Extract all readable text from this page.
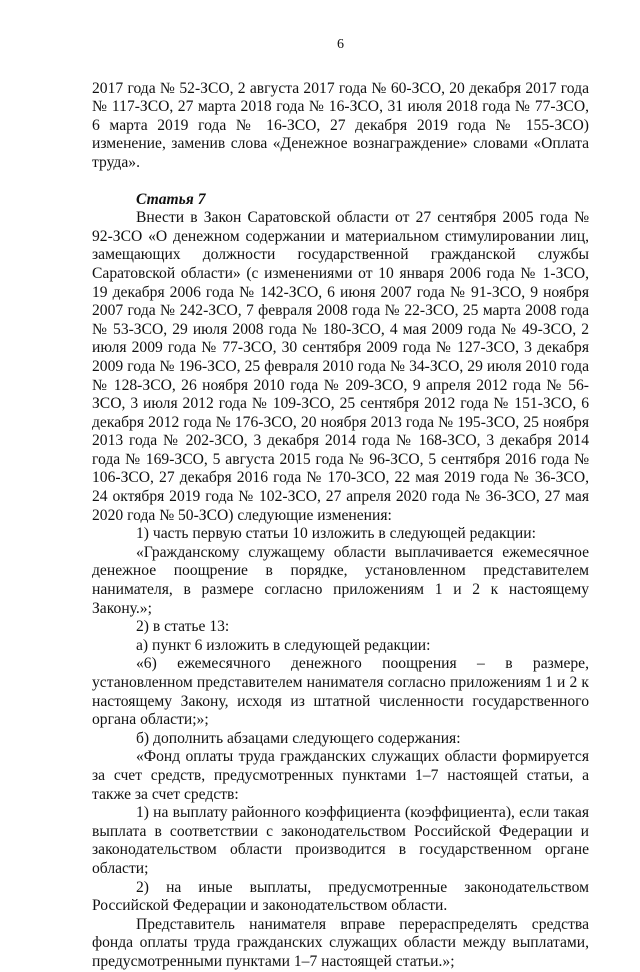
6

2017 года № 52-ЗСО, 2 августа 2017 года № 60-ЗСО, 20 декабря 2017 года № 117-ЗСО, 27 марта 2018 года № 16-ЗСО, 31 июля 2018 года № 77-ЗСО, 6 марта 2019 года № 16-ЗСО, 27 декабря 2019 года № 155-ЗСО) изменение, заменив слова «Денежное вознаграждение» словами «Оплата труда».

Статья 7

Внести в Закон Саратовской области от 27 сентября 2005 года № 92-ЗСО «О денежном содержании и материальном стимулировании лиц, замещающих должности государственной гражданской службы Саратовской области» (с изменениями от 10 января 2006 года № 1-ЗСО, 19 декабря 2006 года № 142-ЗСО, 6 июня 2007 года № 91-ЗСО, 9 ноября 2007 года № 242-ЗСО, 7 февраля 2008 года № 22-ЗСО, 25 марта 2008 года № 53-ЗСО, 29 июля 2008 года № 180-ЗСО, 4 мая 2009 года № 49-ЗСО, 2 июля 2009 года № 77-ЗСО, 30 сентября 2009 года № 127-ЗСО, 3 декабря 2009 года № 196-ЗСО, 25 февраля 2010 года № 34-ЗСО, 29 июля 2010 года № 128-ЗСО, 26 ноября 2010 года № 209-ЗСО, 9 апреля 2012 года № 56-ЗСО, 3 июля 2012 года № 109-ЗСО, 25 сентября 2012 года № 151-ЗСО, 6 декабря 2012 года № 176-ЗСО, 20 ноября 2013 года № 195-ЗСО, 25 ноября 2013 года № 202-ЗСО, 3 декабря 2014 года № 168-ЗСО, 3 декабря 2014 года № 169-ЗСО, 5 августа 2015 года № 96-ЗСО, 5 сентября 2016 года № 106-ЗСО, 27 декабря 2016 года № 170-ЗСО, 22 мая 2019 года № 36-ЗСО, 24 октября 2019 года № 102-ЗСО, 27 апреля 2020 года № 36-ЗСО, 27 мая 2020 года № 50-ЗСО) следующие изменения:

1) часть первую статьи 10 изложить в следующей редакции:

«Гражданскому служащему области выплачивается ежемесячное денежное поощрение в порядке, установленном представителем нанимателя, в размере согласно приложениям 1 и 2 к настоящему Закону.»;

2) в статье 13:

а) пункт 6 изложить в следующей редакции:

«6) ежемесячного денежного поощрения – в размере, установленном представителем нанимателя согласно приложениям 1 и 2 к настоящему Закону, исходя из штатной численности государственного органа области;»;

б) дополнить абзацами следующего содержания:

«Фонд оплаты труда гражданских служащих области формируется за счет средств, предусмотренных пунктами 1–7 настоящей статьи, а также за счет средств:

1) на выплату районного коэффициента (коэффициента), если такая выплата в соответствии с законодательством Российской Федерации и законодательством области производится в государственном органе области;

2) на иные выплаты, предусмотренные законодательством Российской Федерации и законодательством области.

Представитель нанимателя вправе перераспределять средства фонда оплаты труда гражданских служащих области между выплатами, предусмотренными пунктами 1–7 настоящей статьи.»;
